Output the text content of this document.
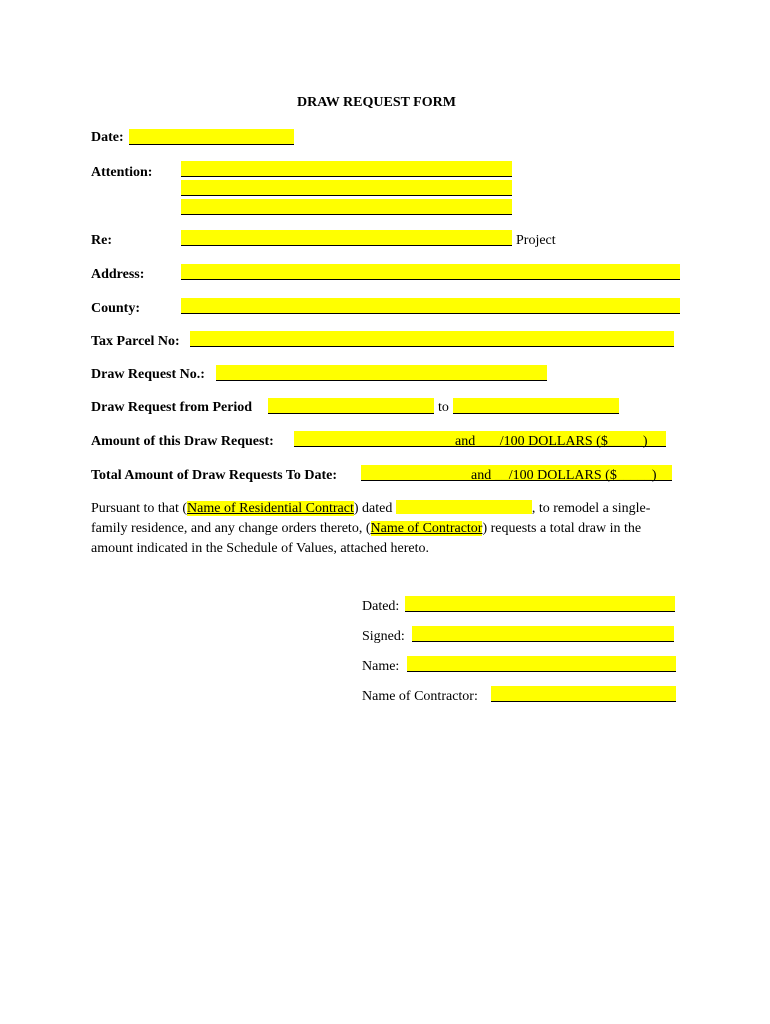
DRAW REQUEST FORM
Date:
Attention:
Re:	Project
Address:
County:
Tax Parcel No:
Draw Request No.:
Draw Request from Period	to
Amount of this Draw Request:	and ___/100 DOLLARS ($_____)
Total Amount of Draw Requests To Date:	and __/100 DOLLARS ($_____)
Pursuant to that (Name of Residential Contract) dated	, to remodel a single-
family residence, and any change orders thereto, (Name of Contractor) requests a total draw in the
amount indicated in the Schedule of Values, attached hereto.
Dated:
Signed:
Name:
Name of Contractor:
